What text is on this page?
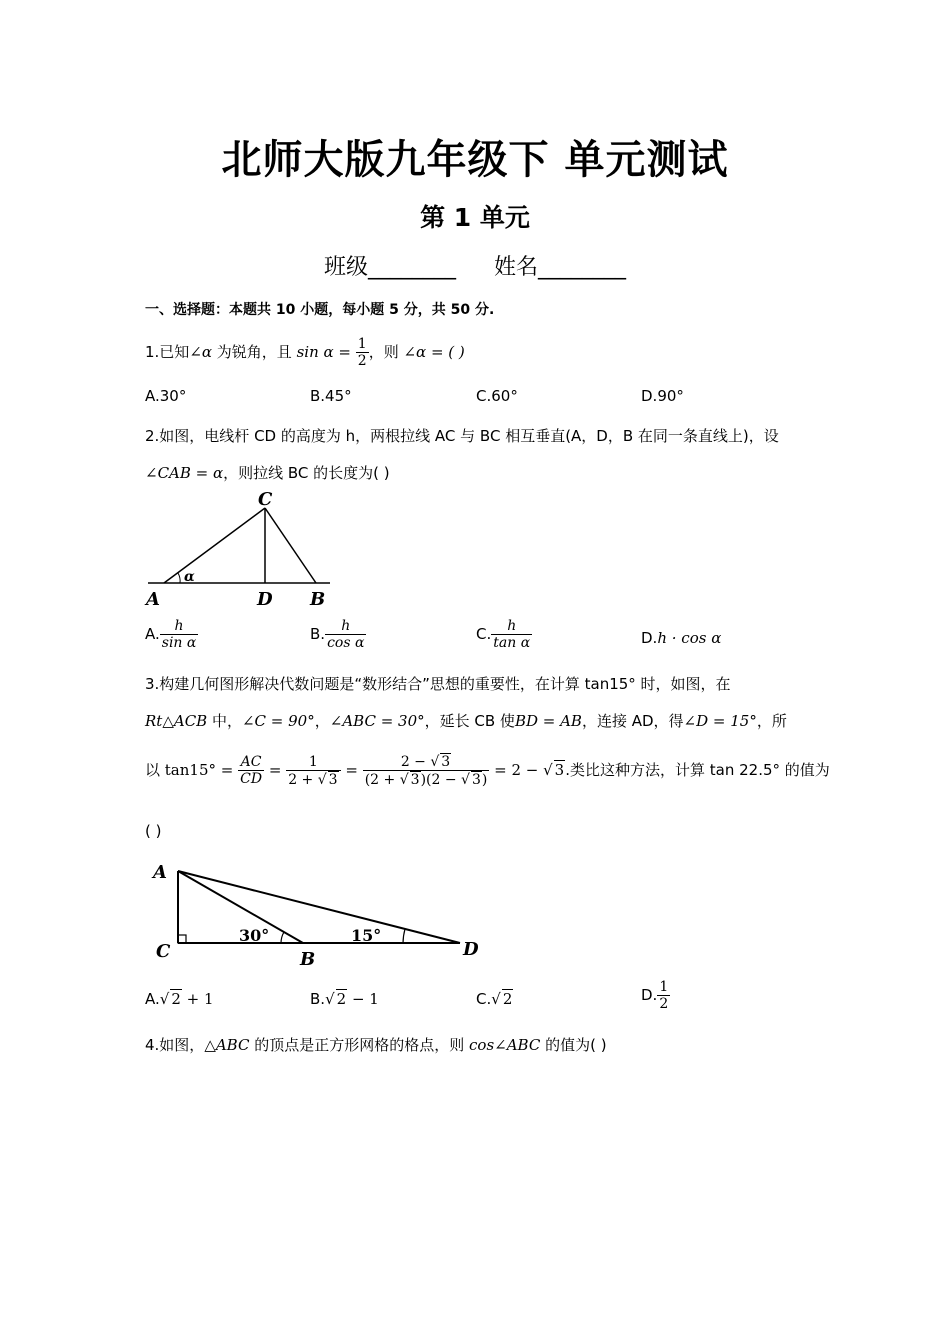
北师大版九年级下 单元测试
第 1 单元
班级________ 姓名________
一、选择题：本题共 10 小题，每小题 5 分，共 50 分.
1.已知∠α 为锐角，且 $\sin \alpha = \frac{1}{2}$ ，则 ∠α = ( )
A.30°	B.45°	C.60°	D.90°
2.如图，电线杆 CD 的高度为 h，两根拉线 AC 与 BC 相互垂直(A，D，B 在同一条直线上)，设
∠CAB = α，则拉线 BC 的长度为( )
α
C
A	D B
A. $\frac{h}{\text{sin α}}$	B. $\frac{h}{\text{cos α}}$	C. $\frac{h}{\text{tan α}}$	D.h · cos α
3.构建几何图形解决代数问题是“数形结合”思想的重要性，在计算 tan15° 时，如图，在
Rt△ACB 中，∠C = 90°，∠ABC = 30°，延长 CB 使BD = AB，连接 AD，得∠D = 15°，所
以 $\tan 15^\circ = \frac{AC}{CD} = \frac{1}{2 + √ 3} = \frac{2 - √ 3}{(2 + √ 3)(2 - √ 3)} = 2$ − √ 3.类比这种方法，计算 tan 22.5° 的值为
( )
A
C	B	D
30°	15°
A.√ 2 + 1	B.√ 2 − 1	C.√ 2	D. $\frac{1}{2}$
4.如图，△ABC 的顶点是正方形网格的格点，则 cos∠ABC 的值为( )
